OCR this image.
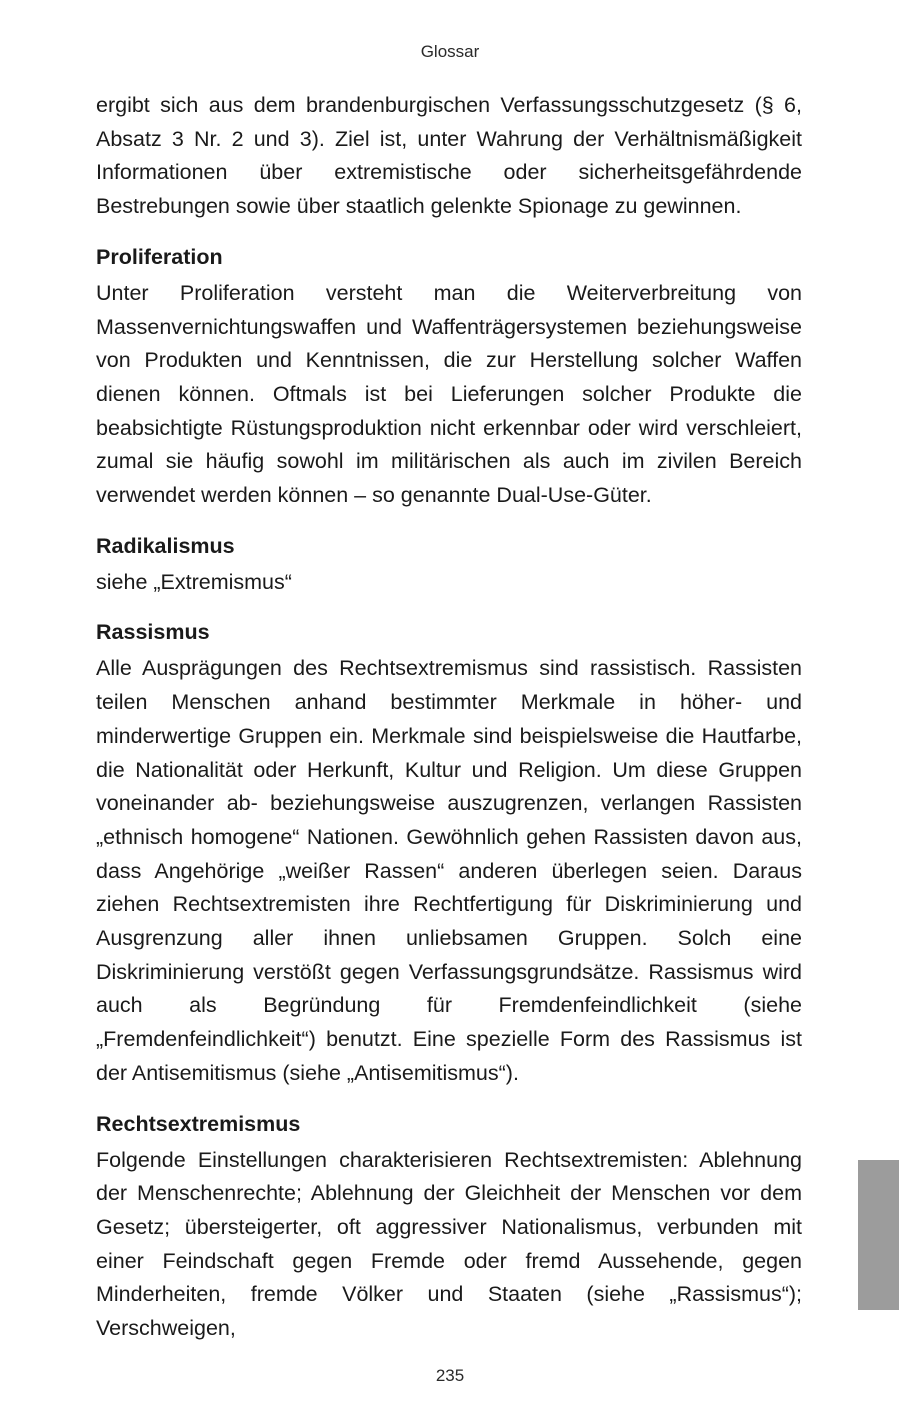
Glossar

ergibt sich aus dem brandenburgischen Verfassungsschutzgesetz (§ 6, Absatz 3 Nr. 2 und 3). Ziel ist, unter Wahrung der Verhältnismäßigkeit Informationen über extremistische oder sicherheitsgefährdende Bestrebungen sowie über staatlich gelenkte Spionage zu gewinnen.

Proliferation

Unter Proliferation versteht man die Weiterverbreitung von Massenvernichtungswaffen und Waffenträgersystemen beziehungsweise von Produkten und Kenntnissen, die zur Herstellung solcher Waffen dienen können. Oftmals ist bei Lieferungen solcher Produkte die beabsichtigte Rüstungsproduktion nicht erkennbar oder wird verschleiert, zumal sie häufig sowohl im militärischen als auch im zivilen Bereich verwendet werden können – so genannte Dual-Use-Güter.

Radikalismus

siehe „Extremismus“

Rassismus

Alle Ausprägungen des Rechtsextremismus sind rassistisch. Rassisten teilen Menschen anhand bestimmter Merkmale in höher- und minderwertige Gruppen ein. Merkmale sind beispielsweise die Hautfarbe, die Nationalität oder Herkunft, Kultur und Religion. Um diese Gruppen voneinander ab- beziehungsweise auszugrenzen, verlangen Rassisten „ethnisch homogene“ Nationen. Gewöhnlich gehen Rassisten davon aus, dass Angehörige „weißer Rassen“ anderen überlegen seien. Daraus ziehen Rechtsextremisten ihre Rechtfertigung für Diskriminierung und Ausgrenzung aller ihnen unliebsamen Gruppen. Solch eine Diskriminierung verstößt gegen Verfassungsgrundsätze. Rassismus wird auch als Begründung für Fremdenfeindlichkeit (siehe „Fremdenfeindlichkeit“) benutzt. Eine spezielle Form des Rassismus ist der Antisemitismus (siehe „Antisemitismus“).

Rechtsextremismus

Folgende Einstellungen charakterisieren Rechtsextremisten: Ablehnung der Menschenrechte; Ablehnung der Gleichheit der Menschen vor dem Gesetz; übersteigerter, oft aggressiver Nationalismus, verbunden mit einer Feindschaft gegen Fremde oder fremd Aussehende, gegen Minderheiten, fremde Völker und Staaten (siehe „Rassismus“); Verschweigen,

235
